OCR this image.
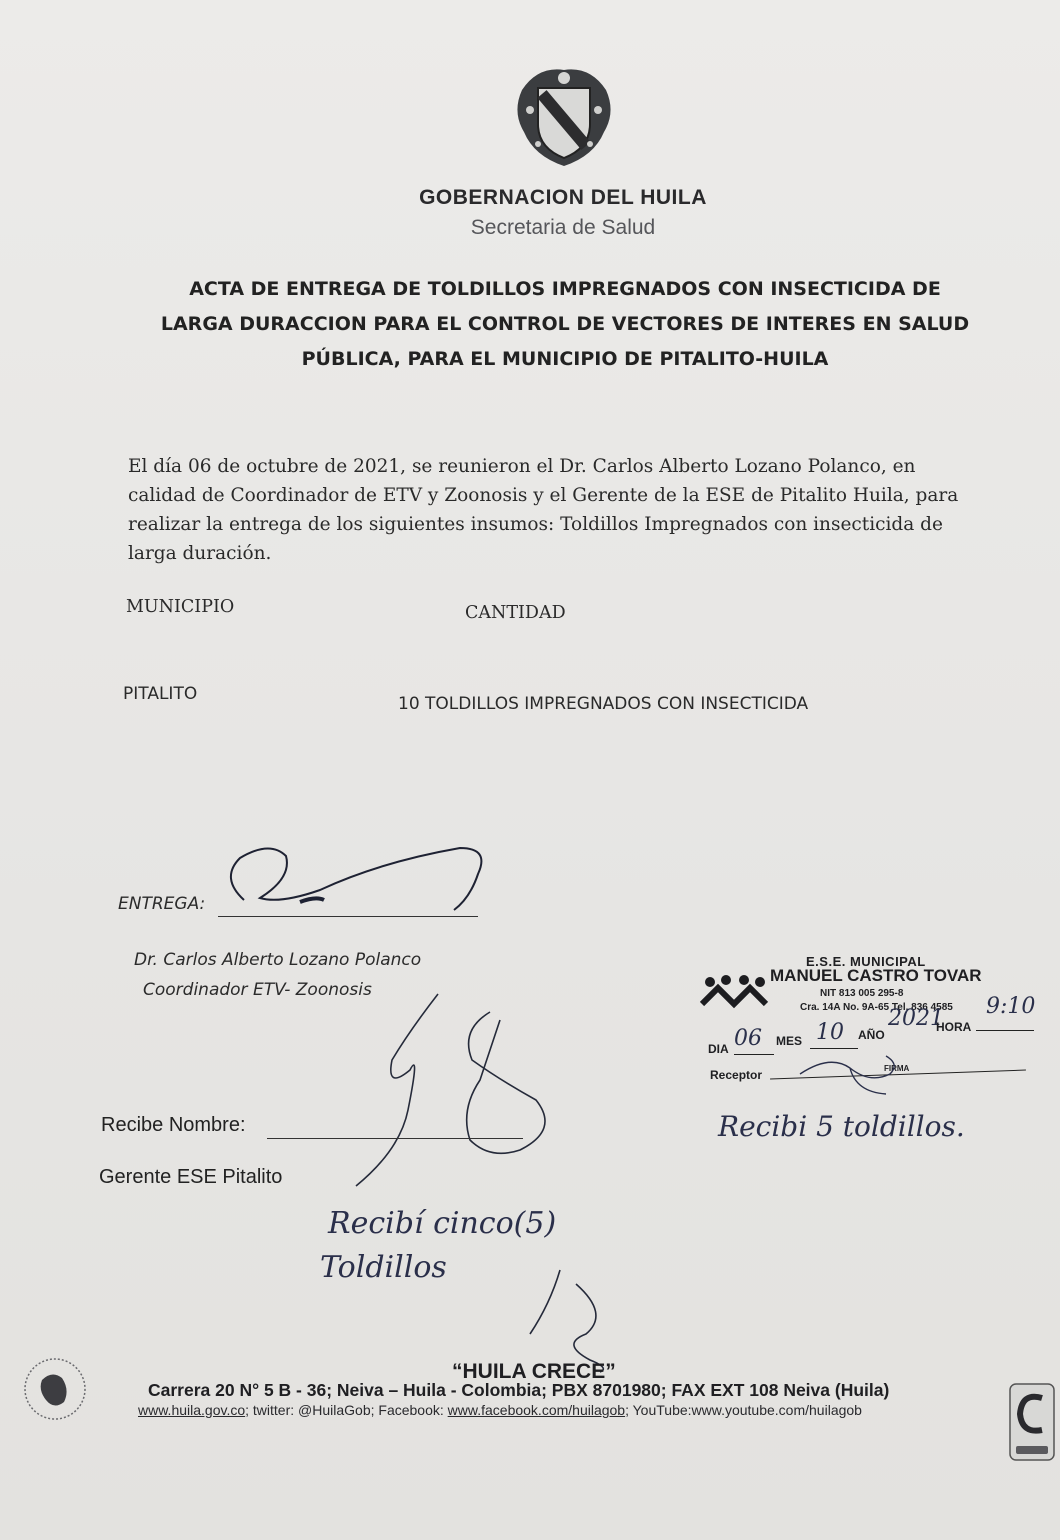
GOBERNACION DEL HUILA
Secretaria de Salud
ACTA DE ENTREGA DE TOLDILLOS IMPREGNADOS CON INSECTICIDA DE
LARGA DURACCION PARA EL CONTROL DE VECTORES DE INTERES EN SALUD
PÚBLICA, PARA EL MUNICIPIO DE PITALITO-HUILA
El día 06 de octubre de 2021, se reunieron el Dr. Carlos Alberto Lozano Polanco, en
calidad de Coordinador de ETV y Zoonosis y el Gerente de la ESE de Pitalito Huila, para
realizar la entrega de los siguientes insumos: Toldillos Impregnados con insecticida de
larga duración.
MUNICIPIO	CANTIDAD
PITALITO	10 TOLDILLOS IMPREGNADOS CON INSECTICIDA
ENTREGA:
Dr. Carlos Alberto Lozano Polanco
Coordinador ETV- Zoonosis
Recibe Nombre:
Gerente ESE Pitalito
Recibí cinco(5)
Toldillos
E.S.E. MUNICIPAL
MANUEL CASTRO TOVAR
NIT 813 005 295-8
Cra. 14A No. 9A-65 Tel. 836 4585
DIA 06 MES 10 AÑO
2021
HORA
9:10
Receptor	FIRMA
Recibi 5 toldillos.
“HUILA CRECE”
Carrera 20 N° 5 B - 36; Neiva – Huila - Colombia; PBX 8701980; FAX EXT 108 Neiva (Huila)
www.huila.gov.co; twitter: @HuilaGob; Facebook: www.facebook.com/huilagob; YouTube:www.youtube.com/huilagob
